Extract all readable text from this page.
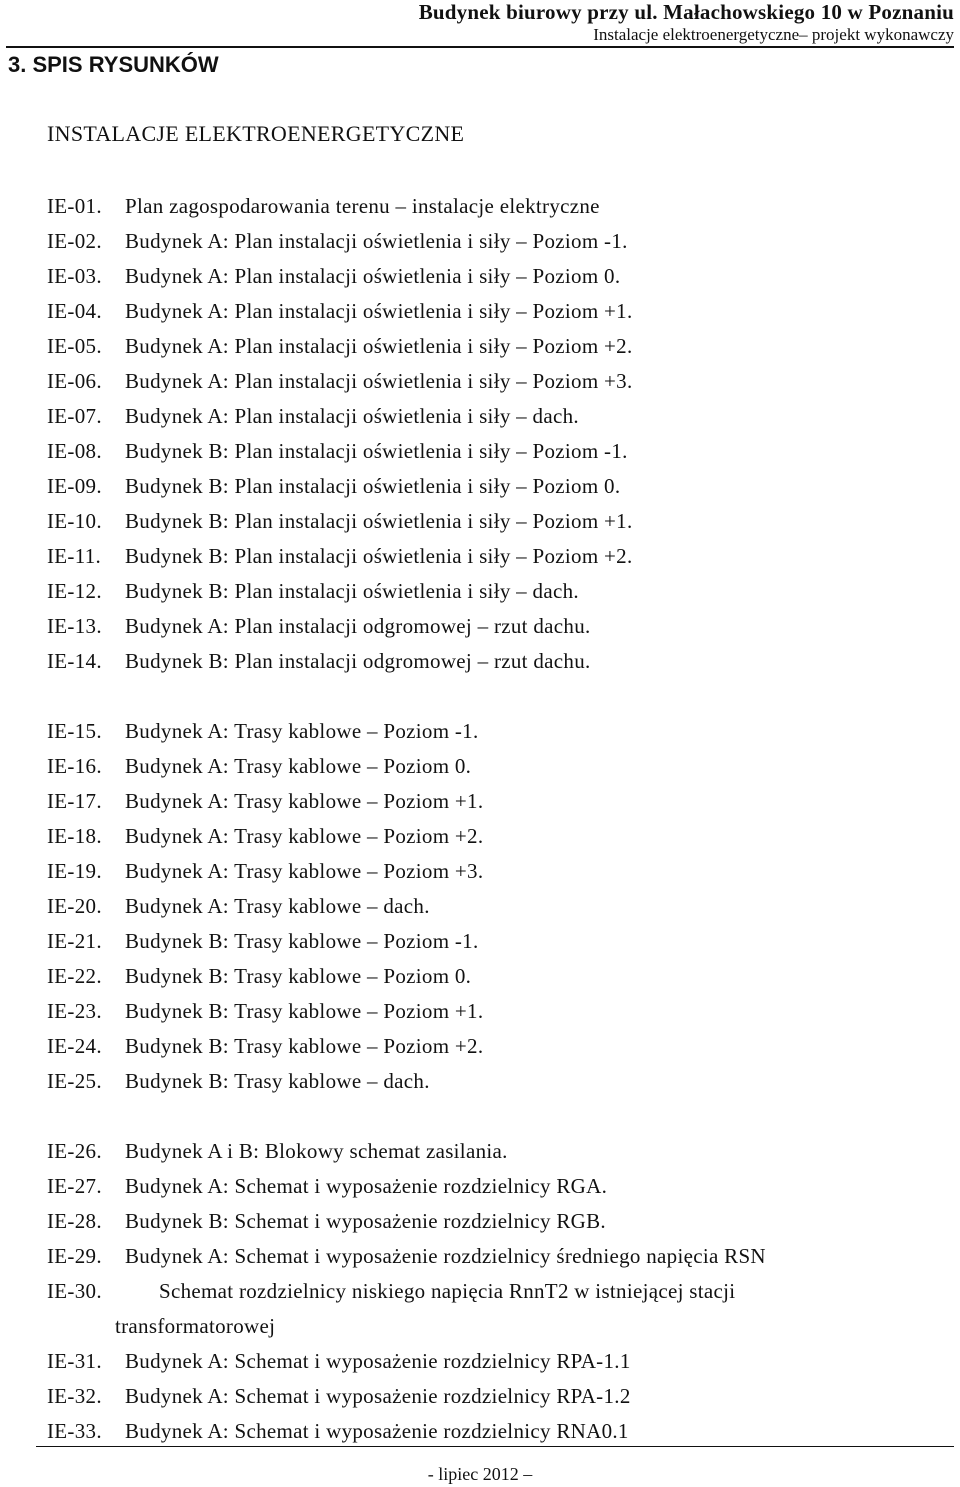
Budynek biurowy przy ul. Małachowskiego 10 w Poznaniu
Instalacje elektroenergetyczne– projekt wykonawczy
3. SPIS RYSUNKÓW
INSTALACJE ELEKTROENERGETYCZNE
IE-01.	Plan zagospodarowania terenu – instalacje elektryczne
IE-02.	Budynek A: Plan instalacji oświetlenia i siły – Poziom -1.
IE-03.	Budynek A: Plan instalacji oświetlenia i siły – Poziom 0.
IE-04.	Budynek A: Plan instalacji oświetlenia i siły – Poziom +1.
IE-05.	Budynek A: Plan instalacji oświetlenia i siły – Poziom +2.
IE-06.	Budynek A: Plan instalacji oświetlenia i siły – Poziom +3.
IE-07.	Budynek A: Plan instalacji oświetlenia i siły – dach.
IE-08.	Budynek B: Plan instalacji oświetlenia i siły – Poziom -1.
IE-09.	Budynek B: Plan instalacji oświetlenia i siły – Poziom 0.
IE-10.	Budynek B: Plan instalacji oświetlenia i siły – Poziom +1.
IE-11.	Budynek B: Plan instalacji oświetlenia i siły – Poziom +2.
IE-12.	Budynek B: Plan instalacji oświetlenia i siły – dach.
IE-13.	Budynek A: Plan instalacji odgromowej – rzut dachu.
IE-14.	Budynek B: Plan instalacji odgromowej – rzut dachu.
IE-15.	Budynek A: Trasy kablowe – Poziom -1.
IE-16.	Budynek A: Trasy kablowe – Poziom 0.
IE-17.	Budynek A: Trasy kablowe – Poziom +1.
IE-18.	Budynek A: Trasy kablowe – Poziom +2.
IE-19.	Budynek A: Trasy kablowe – Poziom +3.
IE-20.	Budynek A: Trasy kablowe – dach.
IE-21.	Budynek B: Trasy kablowe – Poziom -1.
IE-22.	Budynek B: Trasy kablowe – Poziom 0.
IE-23.	Budynek B: Trasy kablowe – Poziom +1.
IE-24.	Budynek B: Trasy kablowe – Poziom +2.
IE-25.	Budynek B: Trasy kablowe – dach.
IE-26.	Budynek A i B: Blokowy schemat zasilania.
IE-27.	Budynek A: Schemat i wyposażenie rozdzielnicy RGA.
IE-28.	Budynek B: Schemat i wyposażenie rozdzielnicy RGB.
IE-29.	Budynek A: Schemat i wyposażenie rozdzielnicy średniego napięcia RSN
IE-30.	Schemat rozdzielnicy niskiego napięcia RnnT2 w istniejącej stacji
transformatorowej
IE-31.	Budynek A: Schemat i wyposażenie rozdzielnicy RPA-1.1
IE-32.	Budynek A: Schemat i wyposażenie rozdzielnicy RPA-1.2
IE-33.	Budynek A: Schemat i wyposażenie rozdzielnicy RNA0.1
- lipiec 2012 –
